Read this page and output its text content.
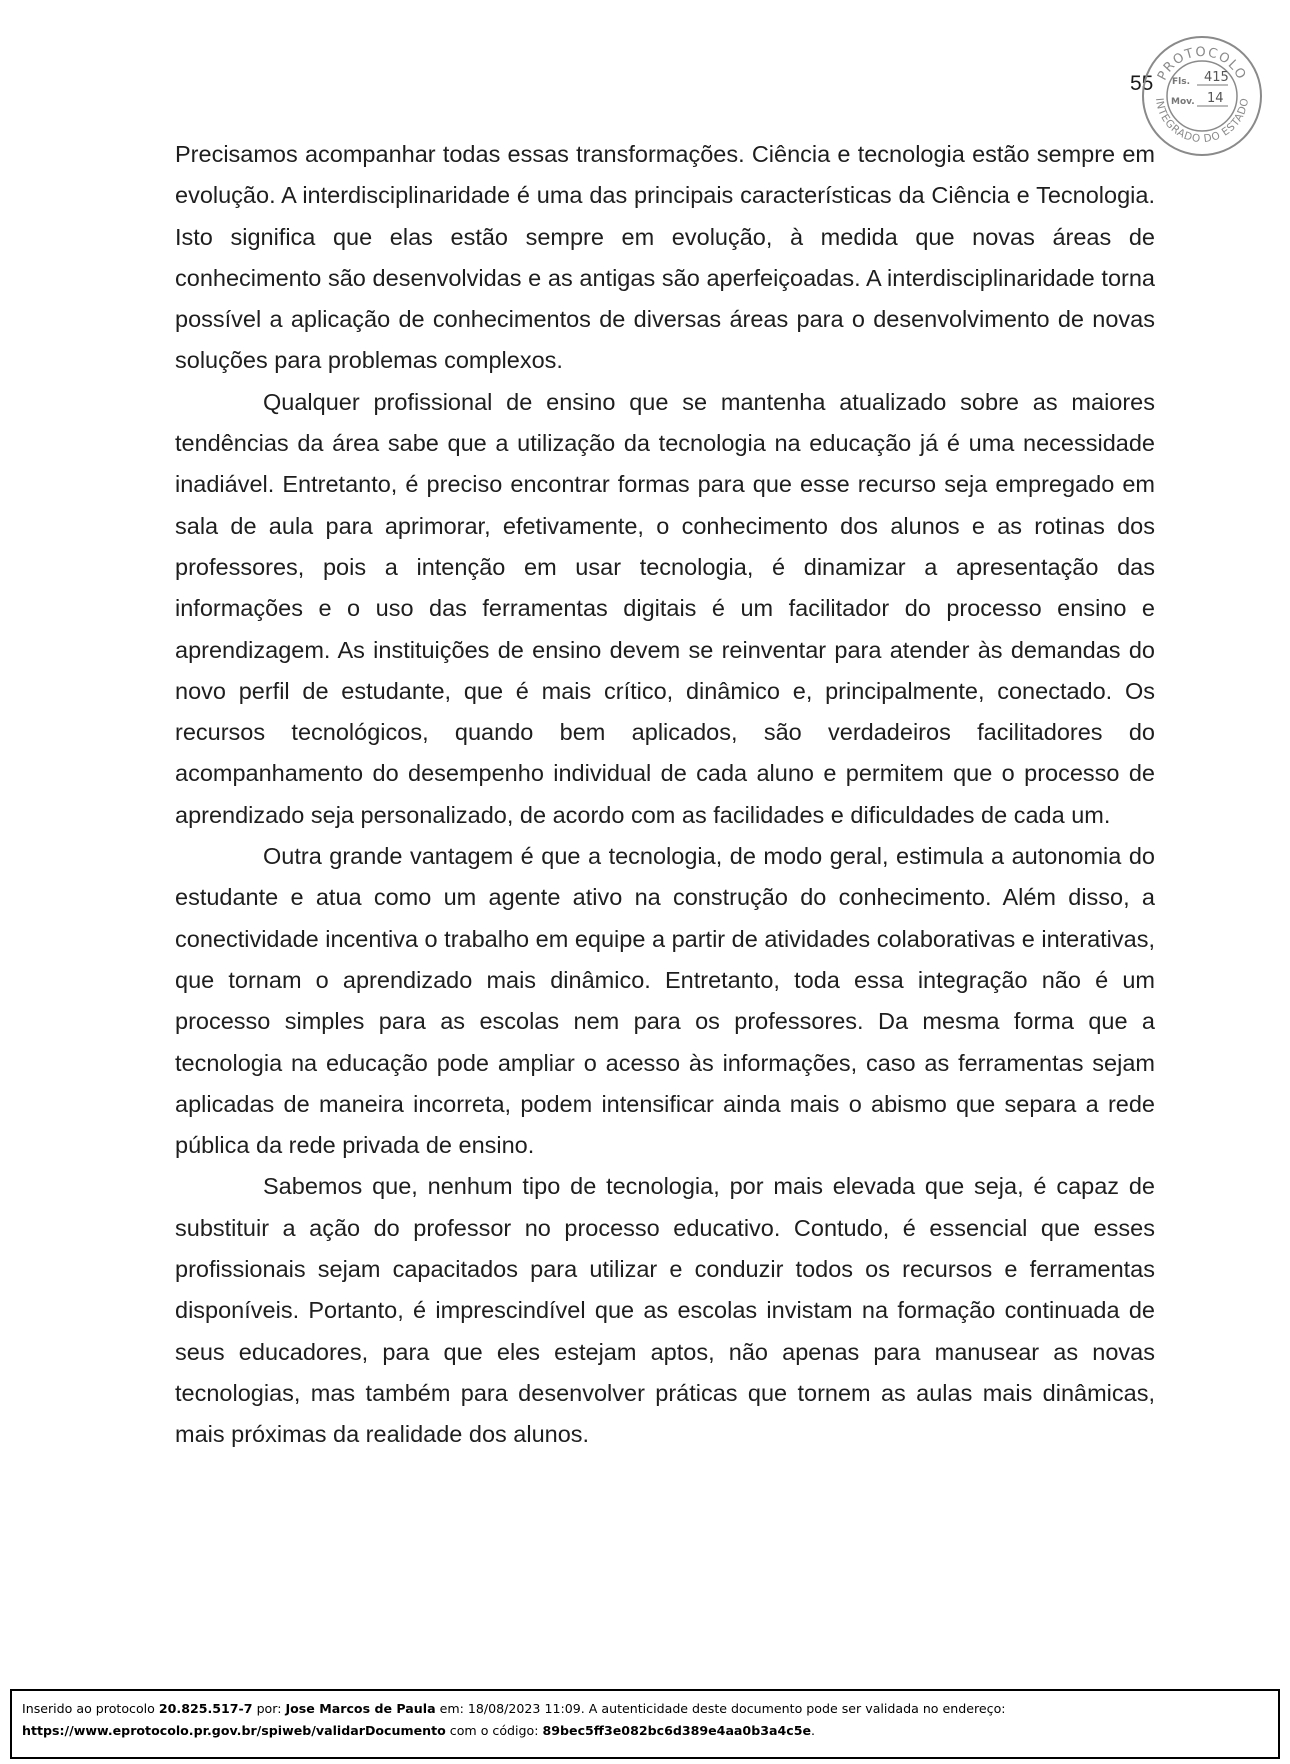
55 PROTOCOLO
INTEGRADO DO ESTADO
Fls. 415
Mov. 14

Precisamos acompanhar todas essas transformações. Ciência e tecnologia estão sempre em evolução. A interdisciplinaridade é uma das principais características da Ciência e Tecnologia. Isto significa que elas estão sempre em evolução, à medida que novas áreas de conhecimento são desenvolvidas e as antigas são aperfeiçoadas. A interdisciplinaridade torna possível a aplicação de conhecimentos de diversas áreas para o desenvolvimento de novas soluções para problemas complexos.

Qualquer profissional de ensino que se mantenha atualizado sobre as maiores tendências da área sabe que a utilização da tecnologia na educação já é uma necessidade inadiável. Entretanto, é preciso encontrar formas para que esse recurso seja empregado em sala de aula para aprimorar, efetivamente, o conhecimento dos alunos e as rotinas dos professores, pois a intenção em usar tecnologia, é dinamizar a apresentação das informações e o uso das ferramentas digitais é um facilitador do processo ensino e aprendizagem. As instituições de ensino devem se reinventar para atender às demandas do novo perfil de estudante, que é mais crítico, dinâmico e, principalmente, conectado. Os recursos tecnológicos, quando bem aplicados, são verdadeiros facilitadores do acompanhamento do desempenho individual de cada aluno e permitem que o processo de aprendizado seja personalizado, de acordo com as facilidades e dificuldades de cada um.

Outra grande vantagem é que a tecnologia, de modo geral, estimula a autonomia do estudante e atua como um agente ativo na construção do conhecimento. Além disso, a conectividade incentiva o trabalho em equipe a partir de atividades colaborativas e interativas, que tornam o aprendizado mais dinâmico. Entretanto, toda essa integração não é um processo simples para as escolas nem para os professores. Da mesma forma que a tecnologia na educação pode ampliar o acesso às informações, caso as ferramentas sejam aplicadas de maneira incorreta, podem intensificar ainda mais o abismo que separa a rede pública da rede privada de ensino.

Sabemos que, nenhum tipo de tecnologia, por mais elevada que seja, é capaz de substituir a ação do professor no processo educativo. Contudo, é essencial que esses profissionais sejam capacitados para utilizar e conduzir todos os recursos e ferramentas disponíveis. Portanto, é imprescindível que as escolas invistam na formação continuada de seus educadores, para que eles estejam aptos, não apenas para manusear as novas tecnologias, mas também para desenvolver práticas que tornem as aulas mais dinâmicas, mais próximas da realidade dos alunos.

Inserido ao protocolo 20.825.517-7 por: Jose Marcos de Paula em: 18/08/2023 11:09. A autenticidade deste documento pode ser validada no endereço:
https://www.eprotocolo.pr.gov.br/spiweb/validarDocumento com o código: 89bec5ff3e082bc6d389e4aa0b3a4c5e.
